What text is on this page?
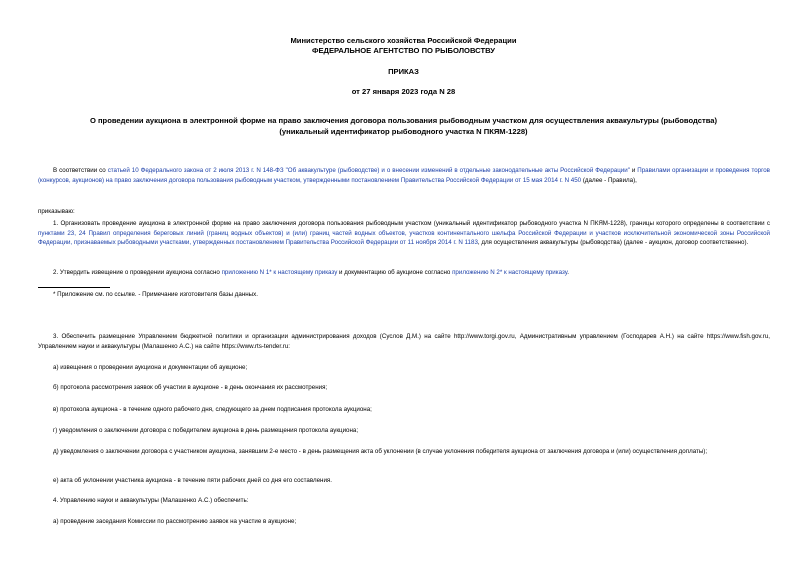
Министерство сельского хозяйства Российской Федерации
ФЕДЕРАЛЬНОЕ АГЕНТСТВО ПО РЫБОЛОВСТВУ
ПРИКАЗ
от 27 января 2023 года N 28
О проведении аукциона в электронной форме на право заключения договора пользования рыбоводным участком для осуществления аквакультуры (рыбоводства) (уникальный идентификатор рыбоводного участка N ПКЯМ-1228)
В соответствии со статьей 10 Федерального закона от 2 июля 2013 г. N 148-ФЗ "Об аквакультуре (рыбоводстве) и о внесении изменений в отдельные законодательные акты Российской Федерации" и Правилами организации и проведения торгов (конкурсов, аукционов) на право заключения договора пользования рыбоводным участком, утвержденными постановлением Правительства Российской Федерации от 15 мая 2014 г. N 450 (далее - Правила),
приказываю:
1. Организовать проведение аукциона в электронной форме на право заключения договора пользования рыбоводным участком (уникальный идентификатор рыбоводного участка N ПКЯМ-1228), границы которого определены в соответствии с пунктами 23, 24 Правил определения береговых линий (границ водных объектов) и (или) границ частей водных объектов, участков континентального шельфа Российской Федерации и участков исключительной экономической зоны Российской Федерации, признаваемых рыбоводными участками, утвержденных постановлением Правительства Российской Федерации от 11 ноября 2014 г. N 1183, для осуществления аквакультуры (рыбоводства) (далее - аукцион, договор соответственно).
2. Утвердить извещение о проведении аукциона согласно приложению N 1* к настоящему приказу и документацию об аукционе согласно приложению N 2* к настоящему приказу.
* Приложение см. по ссылке. - Примечание изготовителя базы данных.
3. Обеспечить размещение Управлением бюджетной политики и организации администрирования доходов (Суслов Д.М.) на сайте http://www.torgi.gov.ru, Административным управлением (Господарев А.Н.) на сайте https://www.fish.gov.ru, Управлением науки и аквакультуры (Малашенко А.С.) на сайте https://www.rts-tender.ru:
а) извещения о проведении аукциона и документации об аукционе;
б) протокола рассмотрения заявок об участии в аукционе - в день окончания их рассмотрения;
в) протокола аукциона - в течение одного рабочего дня, следующего за днем подписания протокола аукциона;
г) уведомления о заключении договора с победителем аукциона в день размещения протокола аукциона;
д) уведомления о заключении договора с участником аукциона, занявшим 2-е место - в день размещения акта об уклонении (в случае уклонения победителя аукциона от заключения договора и (или) осуществления доплаты);
е) акта об уклонении участника аукциона - в течение пяти рабочих дней со дня его составления.
4. Управлению науки и аквакультуры (Малашенко А.С.) обеспечить:
а) проведение заседания Комиссии по рассмотрению заявок на участие в аукционе;
